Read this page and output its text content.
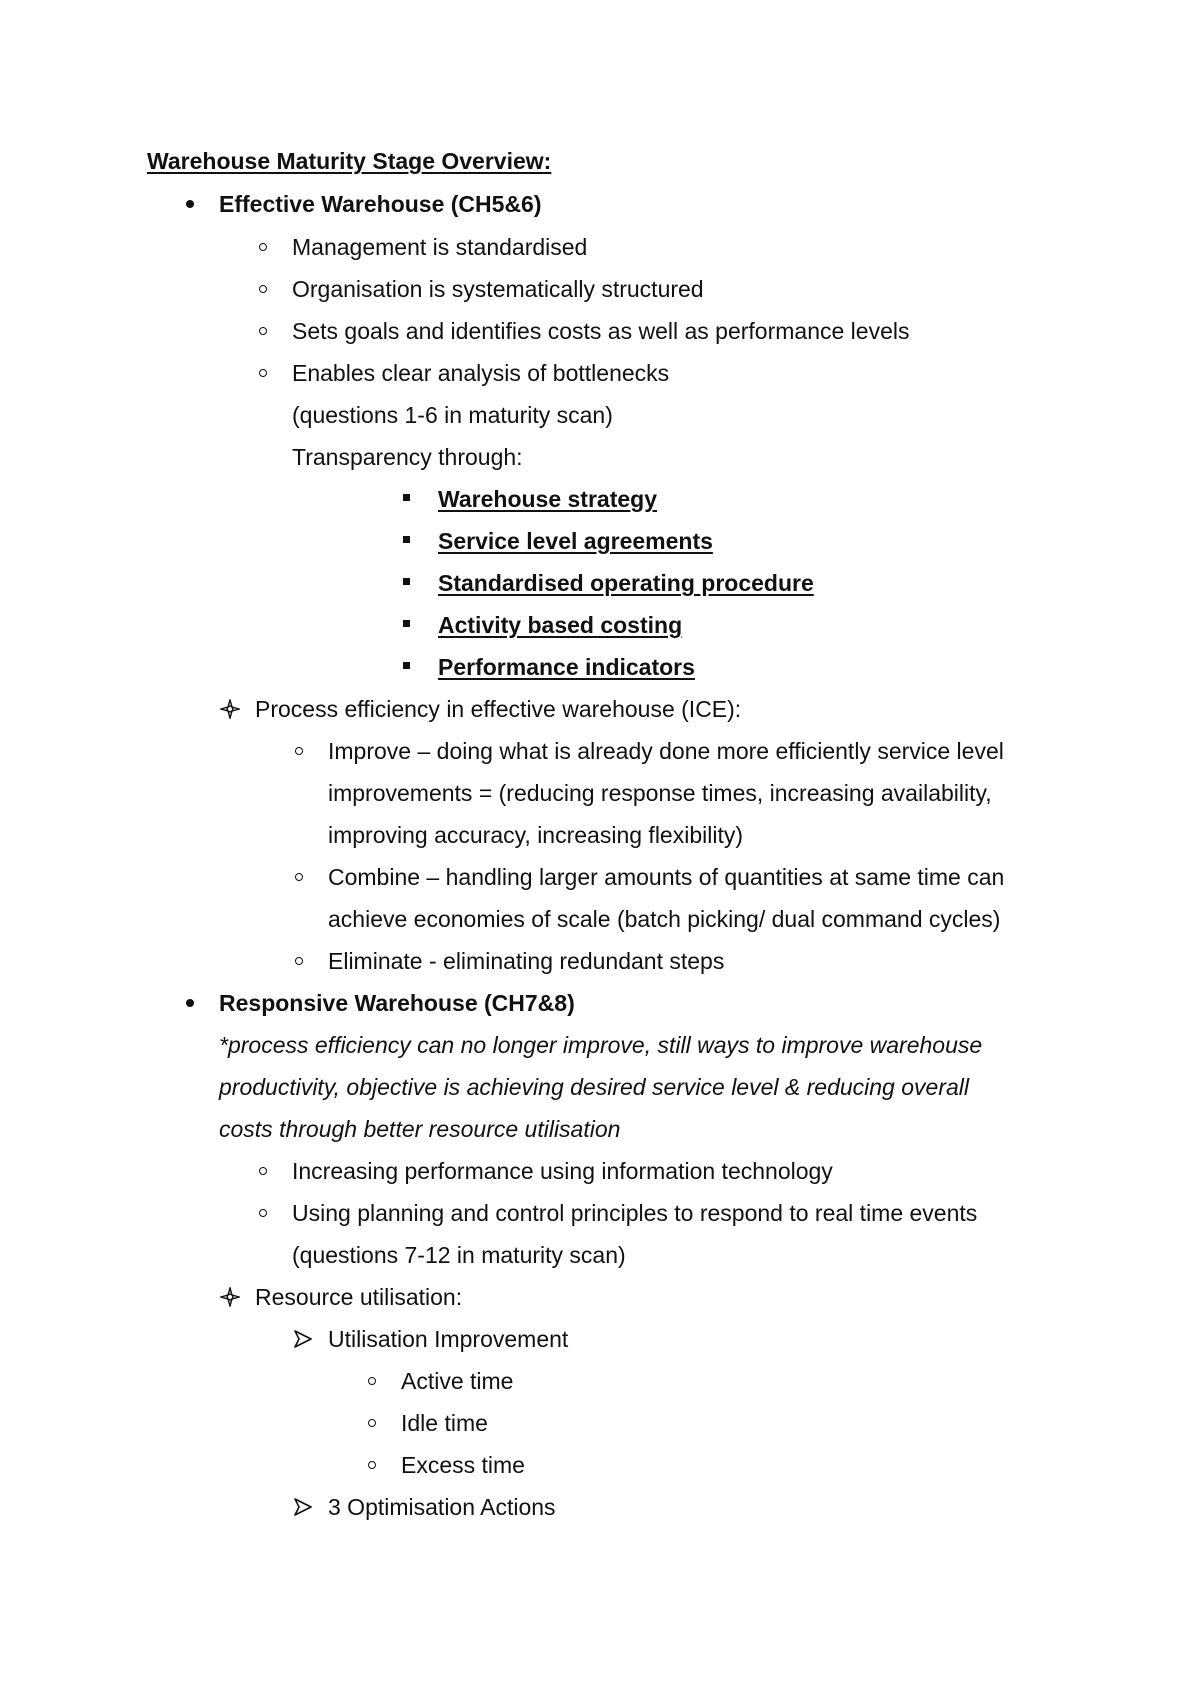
Warehouse Maturity Stage Overview:
Effective Warehouse (CH5&6)
Management is standardised
Organisation is systematically structured
Sets goals and identifies costs as well as performance levels
Enables clear analysis of bottlenecks
(questions 1-6 in maturity scan)
Transparency through:
Warehouse strategy
Service level agreements
Standardised operating procedure
Activity based costing
Performance indicators
Process efficiency in effective warehouse (ICE):
Improve – doing what is already done more efficiently service level
improvements = (reducing response times, increasing availability,
improving accuracy, increasing flexibility)
Combine – handling larger amounts of quantities at same time can
achieve economies of scale (batch picking/ dual command cycles)
Eliminate - eliminating redundant steps
Responsive Warehouse (CH7&8)
*process efficiency can no longer improve, still ways to improve warehouse
productivity, objective is achieving desired service level & reducing overall
costs through better resource utilisation
Increasing performance using information technology
Using planning and control principles to respond to real time events
(questions 7-12 in maturity scan)
Resource utilisation:
Utilisation Improvement
Active time
Idle time
Excess time
3 Optimisation Actions
